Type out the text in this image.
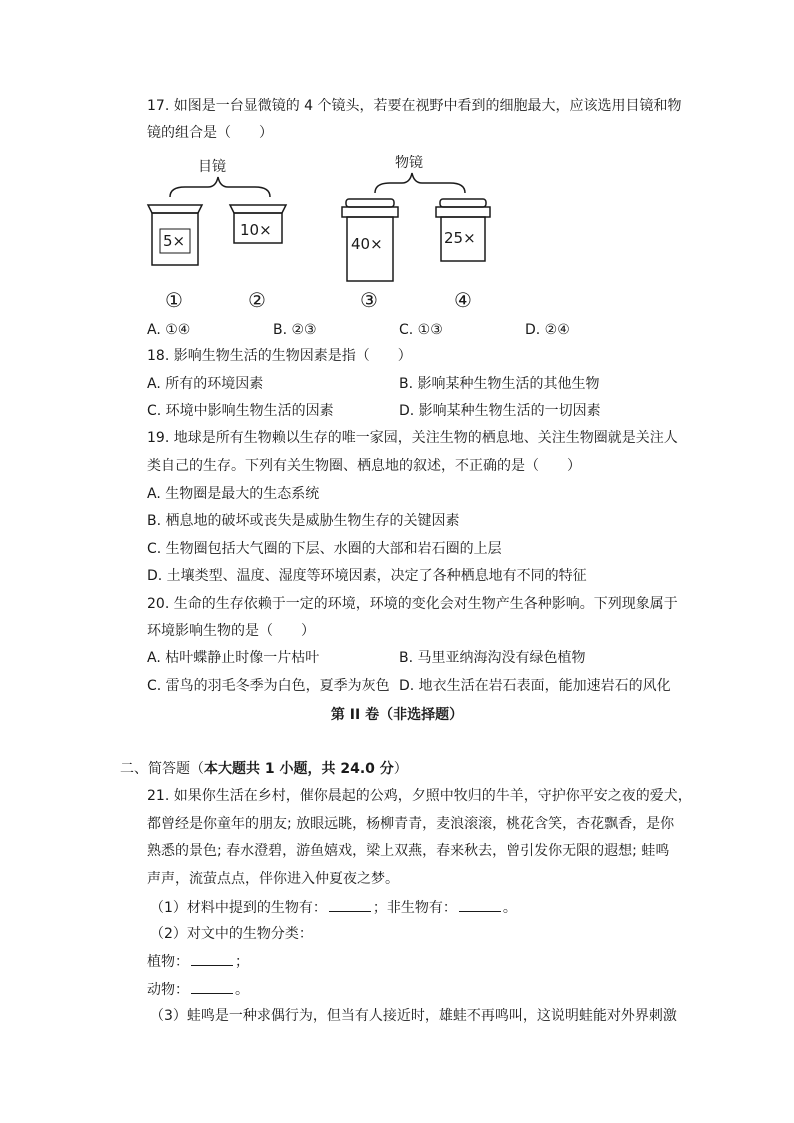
17. 如图是一台显微镜的 4 个镜头，若要在视野中看到的细胞最大，应该选用目镜和物
镜的组合是（　　）
目镜	物镜
5×
①
10×
②
40×
③
25×
④
A. ①④	B. ②③	C. ①③	D. ②④
18. 影响生物生活的生物因素是指（　　）
A. 所有的环境因素	B. 影响某种生物生活的其他生物
C. 环境中影响生物生活的因素	D. 影响某种生物生活的一切因素
19. 地球是所有生物赖以生存的唯一家园，关注生物的栖息地、关注生物圈就是关注人
类自己的生存。下列有关生物圈、栖息地的叙述，不正确的是（　　）
A. 生物圈是最大的生态系统
B. 栖息地的破坏或丧失是威胁生物生存的关键因素
C. 生物圈包括大气圈的下层、水圈的大部和岩石圈的上层
D. 土壤类型、温度、湿度等环境因素，决定了各种栖息地有不同的特征
20. 生命的生存依赖于一定的环境，环境的变化会对生物产生各种影响。下列现象属于
环境影响生物的是（　　）
A. 枯叶蝶静止时像一片枯叶	B. 马里亚纳海沟没有绿色植物
C. 雷鸟的羽毛冬季为白色，夏季为灰色 D. 地衣生活在岩石表面，能加速岩石的风化
第 II 卷（非选择题）
二、简答题（本大题共 1 小题，共 24.0 分）
21. 如果你生活在乡村，催你晨起的公鸡，夕照中牧归的牛羊，守护你平安之夜的爱犬，
都曾经是你童年的朋友; 放眼远眺，杨柳青青，麦浪滚滚，桃花含笑，杏花飘香，是你
熟悉的景色; 春水澄碧，游鱼嬉戏，梁上双燕，春来秋去，曾引发你无限的遐想; 蛙鸣
声声，流萤点点，伴你进入仲夏夜之梦。
（1）材料中提到的生物有：	；非生物有：	。
（2）对文中的生物分类：
植物：	；
动物：	。
（3）蛙鸣是一种求偶行为，但当有人接近时，雄蛙不再鸣叫，这说明蛙能对外界刺激
